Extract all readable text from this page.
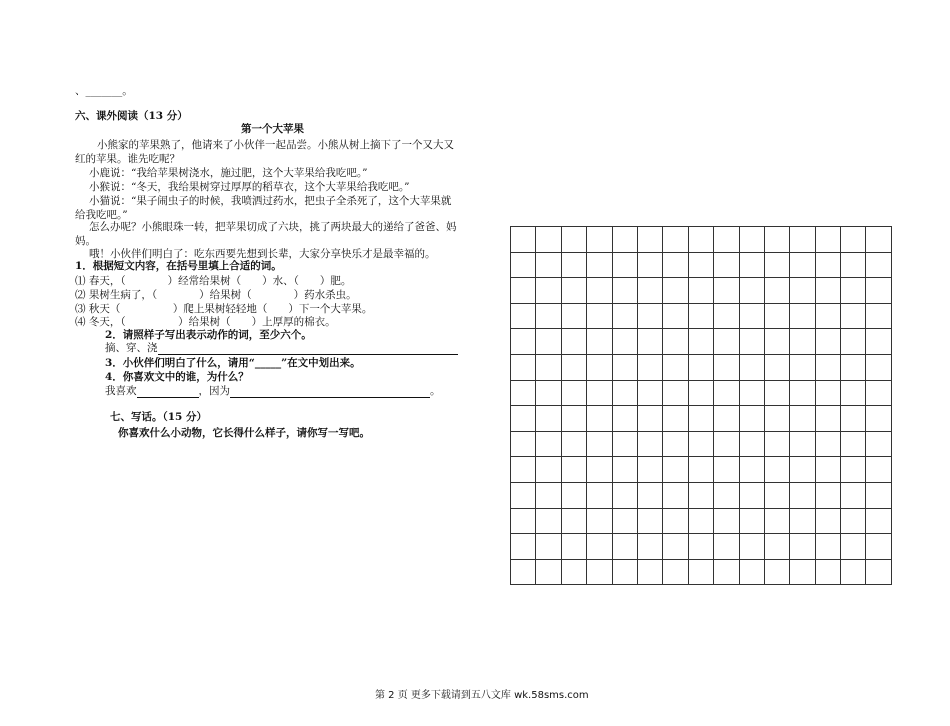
、_______。
六、课外阅读（13 分）
第一个大苹果
小熊家的苹果熟了，他请来了小伙伴一起品尝。小熊从树上摘下了一个又大又
红的苹果。谁先吃呢？
小鹿说：“我给苹果树浇水，施过肥，这个大苹果给我吃吧。”
小猴说：“冬天，我给果树穿过厚厚的稻草衣，这个大苹果给我吃吧。”
小猫说：“果子闹虫子的时候，我喷洒过药水，把虫子全杀死了，这个大苹果就
给我吃吧。”
怎么办呢？小熊眼珠一转，把苹果切成了六块，挑了两块最大的递给了爸爸、妈
妈。
哦！小伙伴们明白了：吃东西要先想到长辈，大家分享快乐才是最幸福的。
1．根据短文内容，在括号里填上合适的词。
⑴ 春天，（　　　　）经常给果树（　　）水、（　　）肥。
⑵ 果树生病了，（　　　　）给果树（　　　　）药水杀虫。
⑶ 秋天（　　　　　）爬上果树轻轻地（　　）下一个大苹果。
⑷ 冬天，（　　　　　）给果树（　　）上厚厚的棉衣。
2．请照样子写出表示动作的词，至少六个。
摘、穿、浇
3．小伙伴们明白了什么，请用“_____”在文中划出来。
4．你喜欢文中的谁，为什么？
我喜欢	，因为	。
七、写话。（15 分）
你喜欢什么小动物，它长得什么样子，请你写一写吧。

第 2 页 更多下载请到五八文库 wk.58sms.com
